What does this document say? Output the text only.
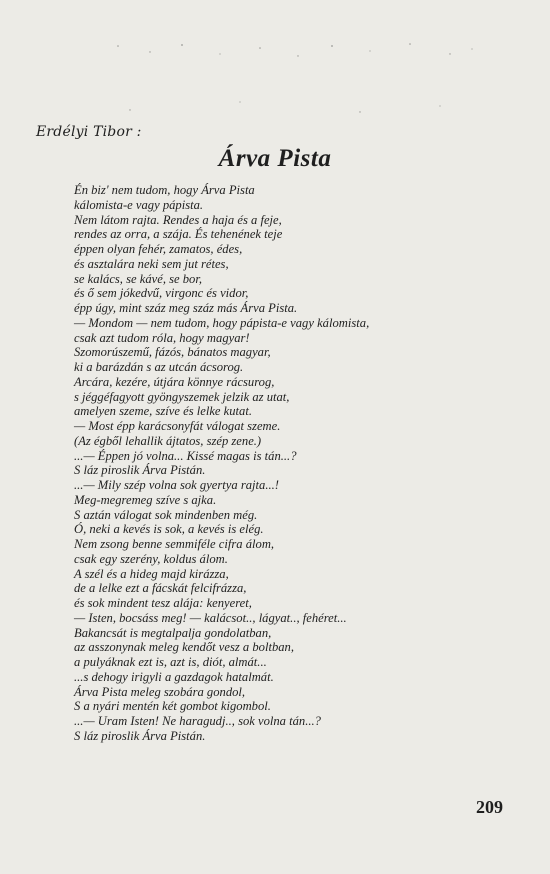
Erdélyi Tibor :
Árva Pista
Én biz' nem tudom, hogy Árva Pista
kálomista-e vagy pápista.
Nem látom rajta. Rendes a haja és a feje,
rendes az orra, a szája. És tehenének teje
éppen olyan fehér, zamatos, édes,
és asztalára neki sem jut rétes,
se kalács, se kávé, se bor,
és ő sem jókedvű, virgonc és vidor,
épp úgy, mint száz meg száz más Árva Pista.
— Mondom — nem tudom, hogy pápista-e vagy kálomista,
csak azt tudom róla, hogy magyar!
Szomorúszemű, fázós, bánatos magyar,
ki a barázdán s az utcán ácsorog.
Arcára, kezére, útjára könnye rácsurog,
s jéggéfagyott gyöngyszemek jelzik az utat,
amelyen szeme, szíve és lelke kutat.
— Most épp karácsonyfát válogat szeme.
(Az égből lehallik ájtatos, szép zene.)
...— Éppen jó volna... Kissé magas is tán...?
S láz piroslik Árva Pistán.
...— Mily szép volna sok gyertya rajta...!
Meg-megremeg szíve s ajka.
S aztán válogat sok mindenben még.
Ó, neki a kevés is sok, a kevés is elég.
Nem zsong benne semmiféle cifra álom,
csak egy szerény, koldus álom.
A szél és a hideg majd kirázza,
de a lelke ezt a fácskát felcifrázza,
és sok mindent tesz alája: kenyeret,
— Isten, bocsáss meg! — kalácsot.., lágyat.., fehéret...
Bakancsát is megtalpalja gondolatban,
az asszonynak meleg kendőt vesz a boltban,
a pulyáknak ezt is, azt is, diót, almát...
...s dehogy irigyli a gazdagok hatalmát.
Árva Pista meleg szobára gondol,
S a nyári mentén két gombot kigombol.
...— Uram Isten! Ne haragudj.., sok volna tán...?
S láz piroslik Árva Pistán.
209
